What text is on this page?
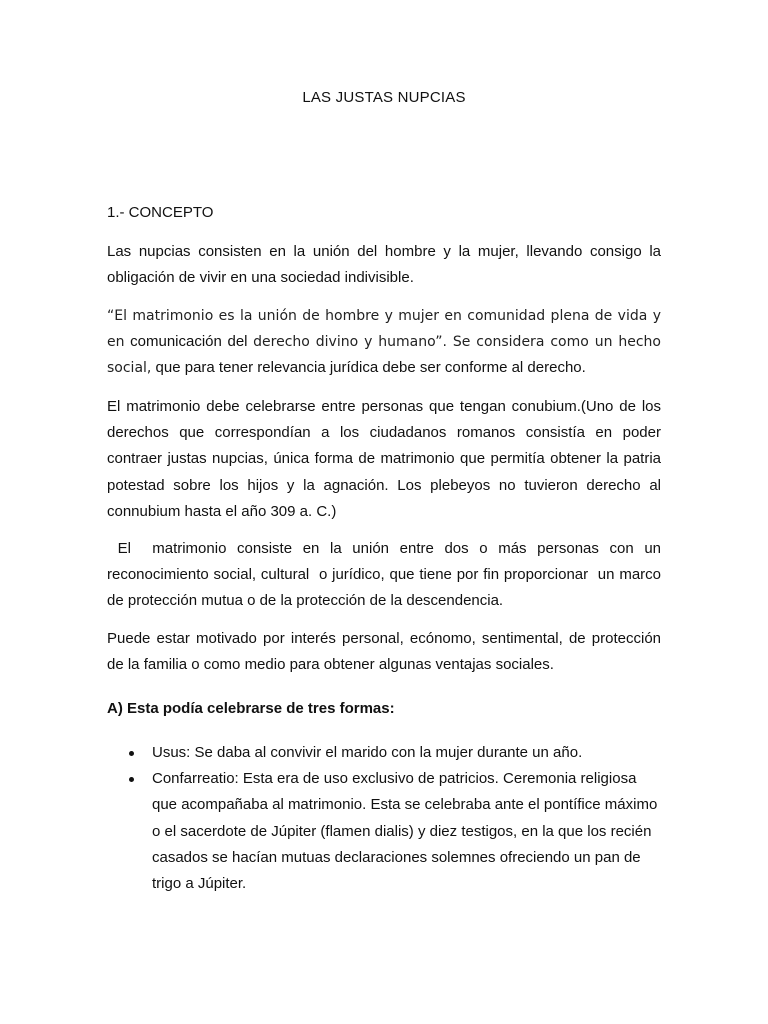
LAS JUSTAS NUPCIAS
1.- CONCEPTO
Las nupcias consisten en la unión del hombre y la mujer, llevando consigo la obligación de vivir en una sociedad indivisible.
“El matrimonio es la unión de hombre y mujer en comunidad plena de vida y en comunicación del derecho divino y humano”. Se considera como un hecho social, que para tener relevancia jurídica debe ser conforme al derecho.
El matrimonio debe celebrarse entre personas que tengan conubium.(Uno de los derechos que correspondían a los ciudadanos romanos consistía en poder contraer justas nupcias, única forma de matrimonio que permitía obtener la patria potestad sobre los hijos y la agnación. Los plebeyos no tuvieron derecho al connubium hasta el año 309 a. C.)
El  matrimonio consiste en la unión entre dos o más personas con un reconocimiento social, cultural  o jurídico, que tiene por fin proporcionar  un marco de protección mutua o de la protección de la descendencia.
Puede estar motivado por interés personal, ecónomo, sentimental, de protección de la familia o como medio para obtener algunas ventajas sociales.
A) Esta podía celebrarse de tres formas:
Usus: Se daba al convivir el marido con la mujer durante un año.
Confarreatio: Esta era de uso exclusivo de patricios. Ceremonia religiosa que acompañaba al matrimonio. Esta se celebraba ante el pontífice máximo o el sacerdote de Júpiter (flamen dialis) y diez testigos, en la que los recién casados se hacían mutuas declaraciones solemnes ofreciendo un pan de trigo a Júpiter.
